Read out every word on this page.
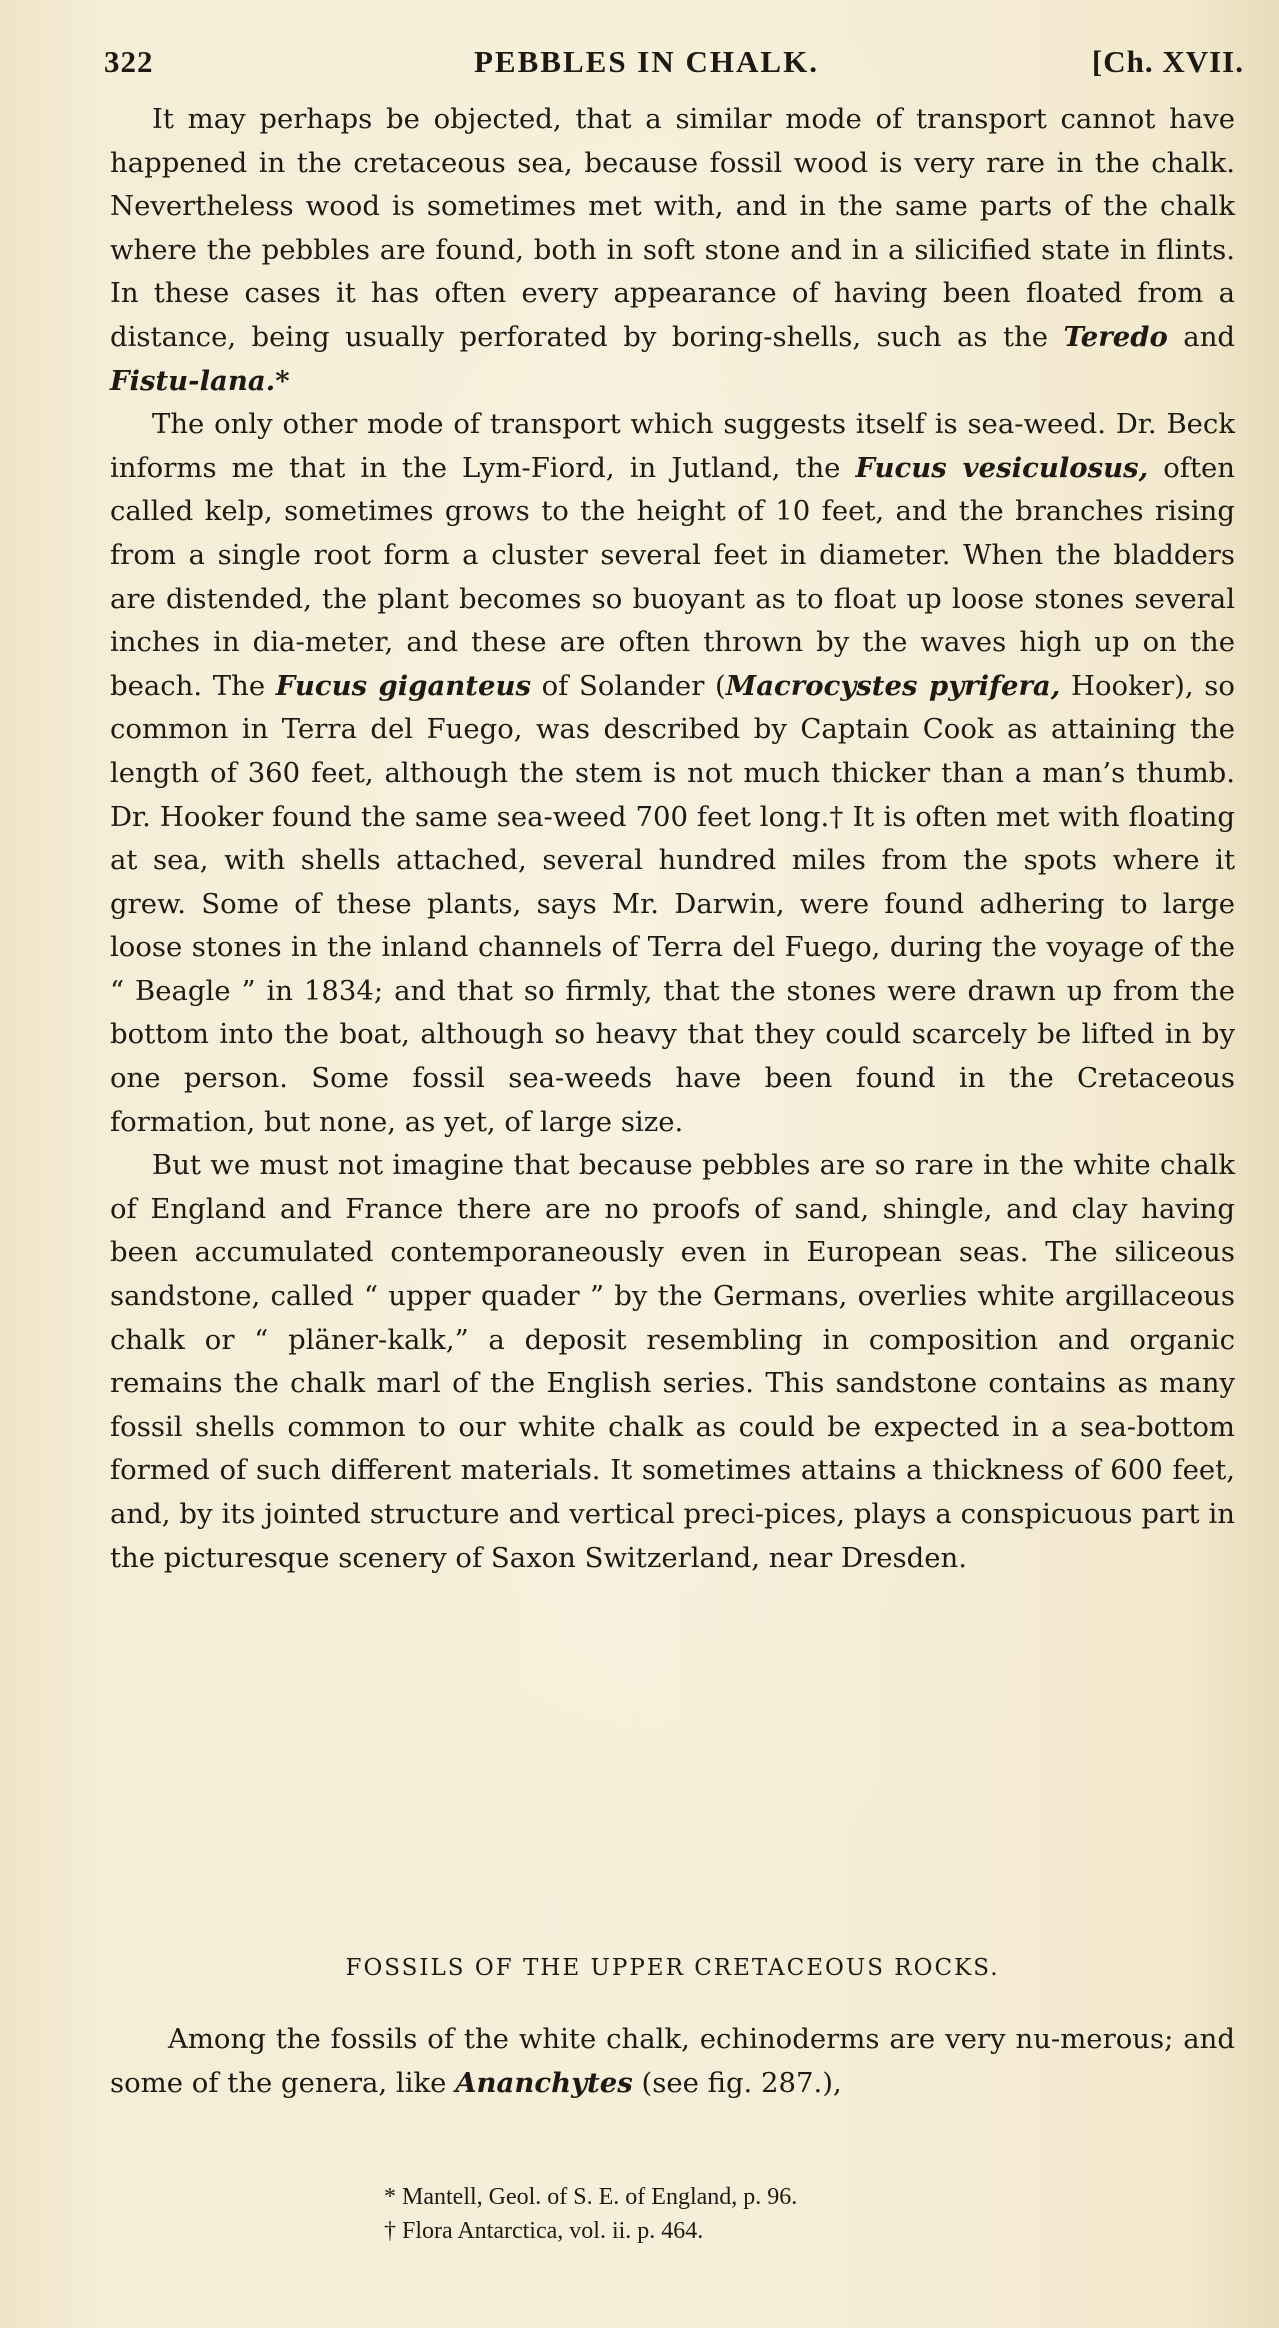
322	PEBBLES IN CHALK.	[Ch. XVII.

It may perhaps be objected, that a similar mode of transport cannot have happened in the cretaceous sea, because fossil wood is very rare in the chalk. Nevertheless wood is sometimes met with, and in the same parts of the chalk where the pebbles are found, both in soft stone and in a silicified state in flints. In these cases it has often every appearance of having been floated from a distance, being usually perforated by boring-shells, such as the Teredo and Fistu-lana.*

The only other mode of transport which suggests itself is sea-weed. Dr. Beck informs me that in the Lym-Fiord, in Jutland, the Fucus vesiculosus, often called kelp, sometimes grows to the height of 10 feet, and the branches rising from a single root form a cluster several feet in diameter. When the bladders are distended, the plant becomes so buoyant as to float up loose stones several inches in dia-meter, and these are often thrown by the waves high up on the beach. The Fucus giganteus of Solander (Macrocystes pyrifera, Hooker), so common in Terra del Fuego, was described by Captain Cook as attaining the length of 360 feet, although the stem is not much thicker than a man’s thumb. Dr. Hooker found the same sea-weed 700 feet long.† It is often met with floating at sea, with shells attached, several hundred miles from the spots where it grew. Some of these plants, says Mr. Darwin, were found adhering to large loose stones in the inland channels of Terra del Fuego, during the voyage of the “ Beagle ” in 1834; and that so firmly, that the stones were drawn up from the bottom into the boat, although so heavy that they could scarcely be lifted in by one person. Some fossil sea-weeds have been found in the Cretaceous formation, but none, as yet, of large size.

But we must not imagine that because pebbles are so rare in the white chalk of England and France there are no proofs of sand, shingle, and clay having been accumulated contemporaneously even in European seas. The siliceous sandstone, called “ upper quader ” by the Germans, overlies white argillaceous chalk or “ pläner-kalk,” a deposit resembling in composition and organic remains the chalk marl of the English series. This sandstone contains as many fossil shells common to our white chalk as could be expected in a sea-bottom formed of such different materials. It sometimes attains a thickness of 600 feet, and, by its jointed structure and vertical preci-pices, plays a conspicuous part in the picturesque scenery of Saxon Switzerland, near Dresden.

FOSSILS OF THE UPPER CRETACEOUS ROCKS.

Among the fossils of the white chalk, echinoderms are very nu-merous; and some of the genera, like Ananchytes (see fig. 287.),

* Mantell, Geol. of S. E. of England, p. 96.
† Flora Antarctica, vol. ii. p. 464.
